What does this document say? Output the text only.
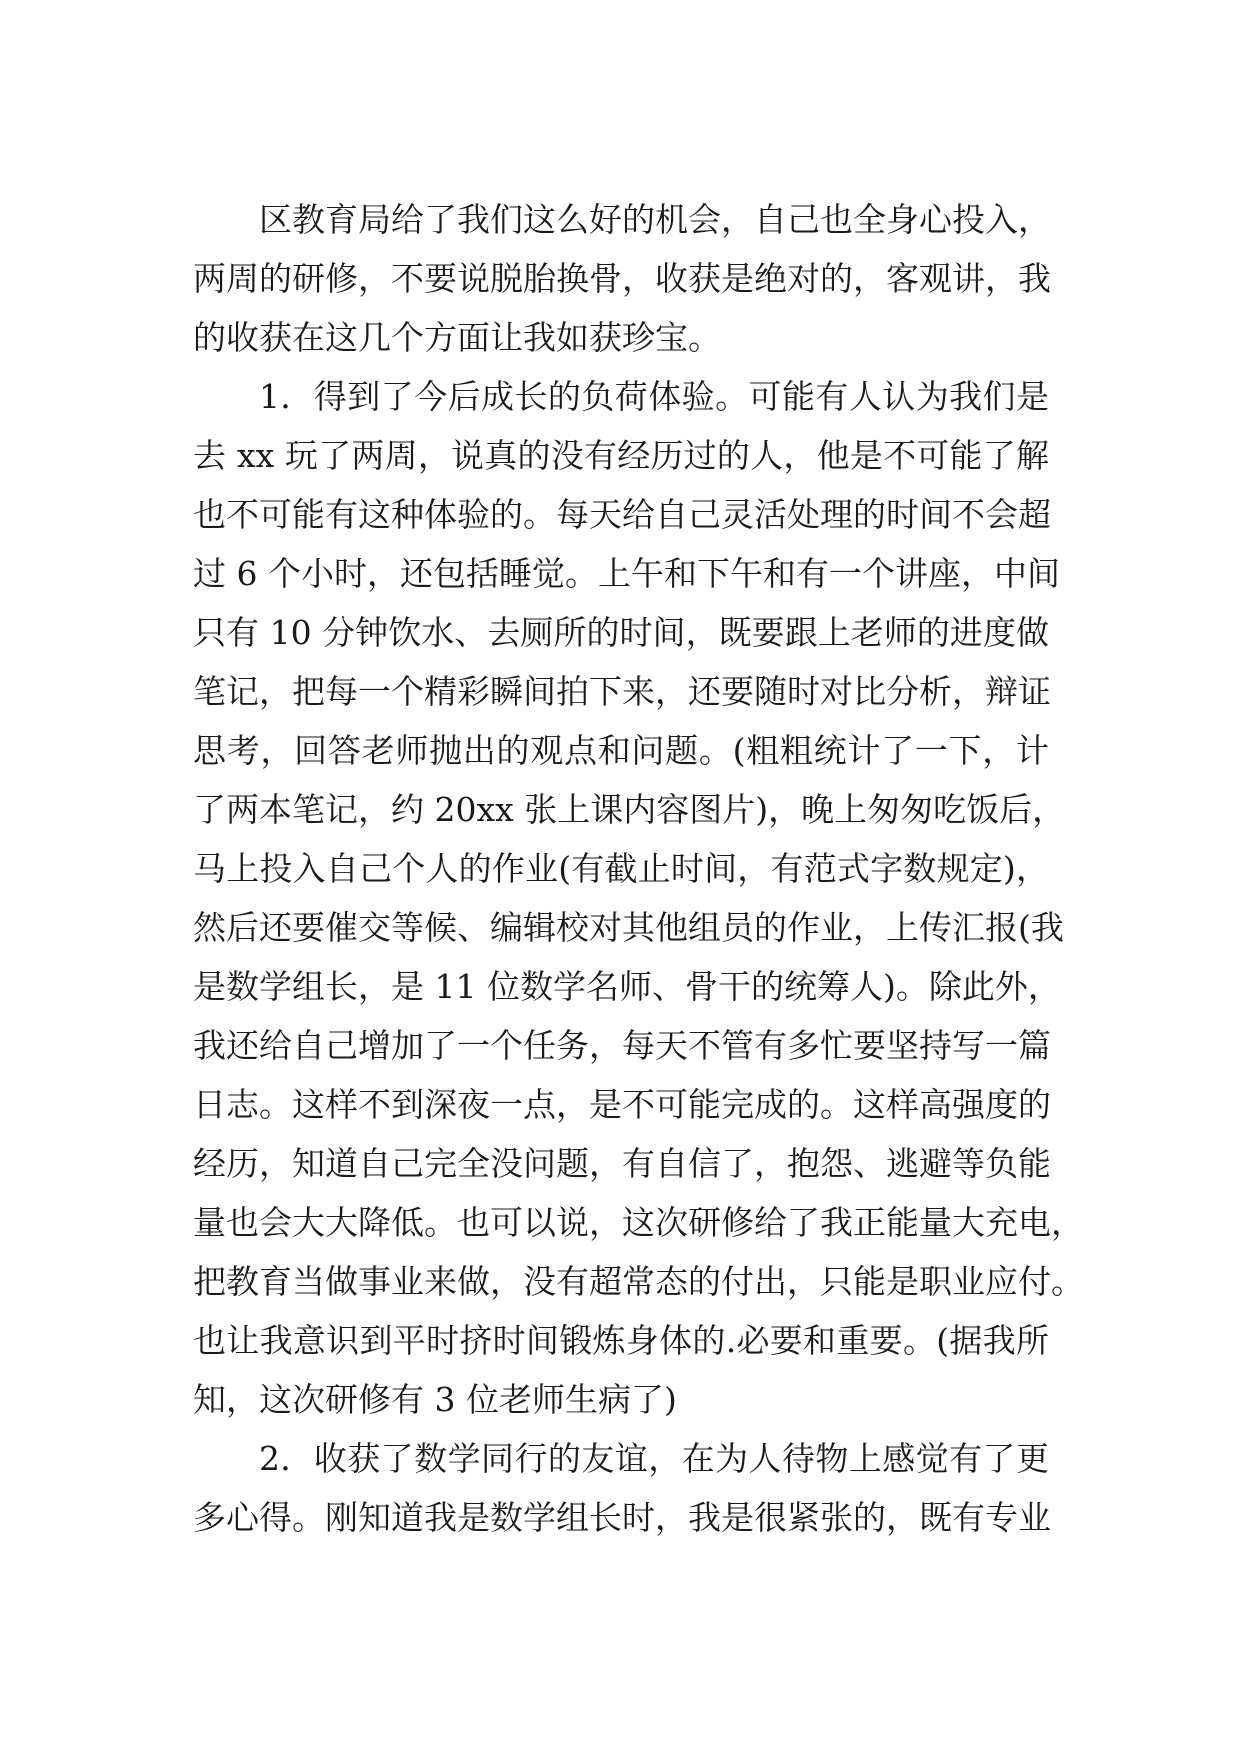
区教育局给了我们这么好的机会，自己也全身心投入，
两周的研修，不要说脱胎换骨，收获是绝对的，客观讲，我
的收获在这几个方面让我如获珍宝。
1．得到了今后成长的负荷体验。可能有人认为我们是
去 xx 玩了两周，说真的没有经历过的人，他是不可能了解
也不可能有这种体验的。每天给自己灵活处理的时间不会超
过 6 个小时，还包括睡觉。上午和下午和有一个讲座，中间
只有 10 分钟饮水、去厕所的时间，既要跟上老师的进度做
笔记，把每一个精彩瞬间拍下来，还要随时对比分析，辩证
思考，回答老师抛出的观点和问题。(粗粗统计了一下，计
了两本笔记，约 20xx 张上课内容图片)，晚上匆匆吃饭后，
马上投入自己个人的作业(有截止时间，有范式字数规定)，
然后还要催交等候、编辑校对其他组员的作业，上传汇报(我
是数学组长，是 11 位数学名师、骨干的统筹人)。除此外，
我还给自己增加了一个任务，每天不管有多忙要坚持写一篇
日志。这样不到深夜一点，是不可能完成的。这样高强度的
经历，知道自己完全没问题，有自信了，抱怨、逃避等负能
量也会大大降低。也可以说，这次研修给了我正能量大充电，
把教育当做事业来做，没有超常态的付出，只能是职业应付。
也让我意识到平时挤时间锻炼身体的.必要和重要。(据我所
知，这次研修有 3 位老师生病了)
2．收获了数学同行的友谊，在为人待物上感觉有了更
多心得。刚知道我是数学组长时，我是很紧张的，既有专业
